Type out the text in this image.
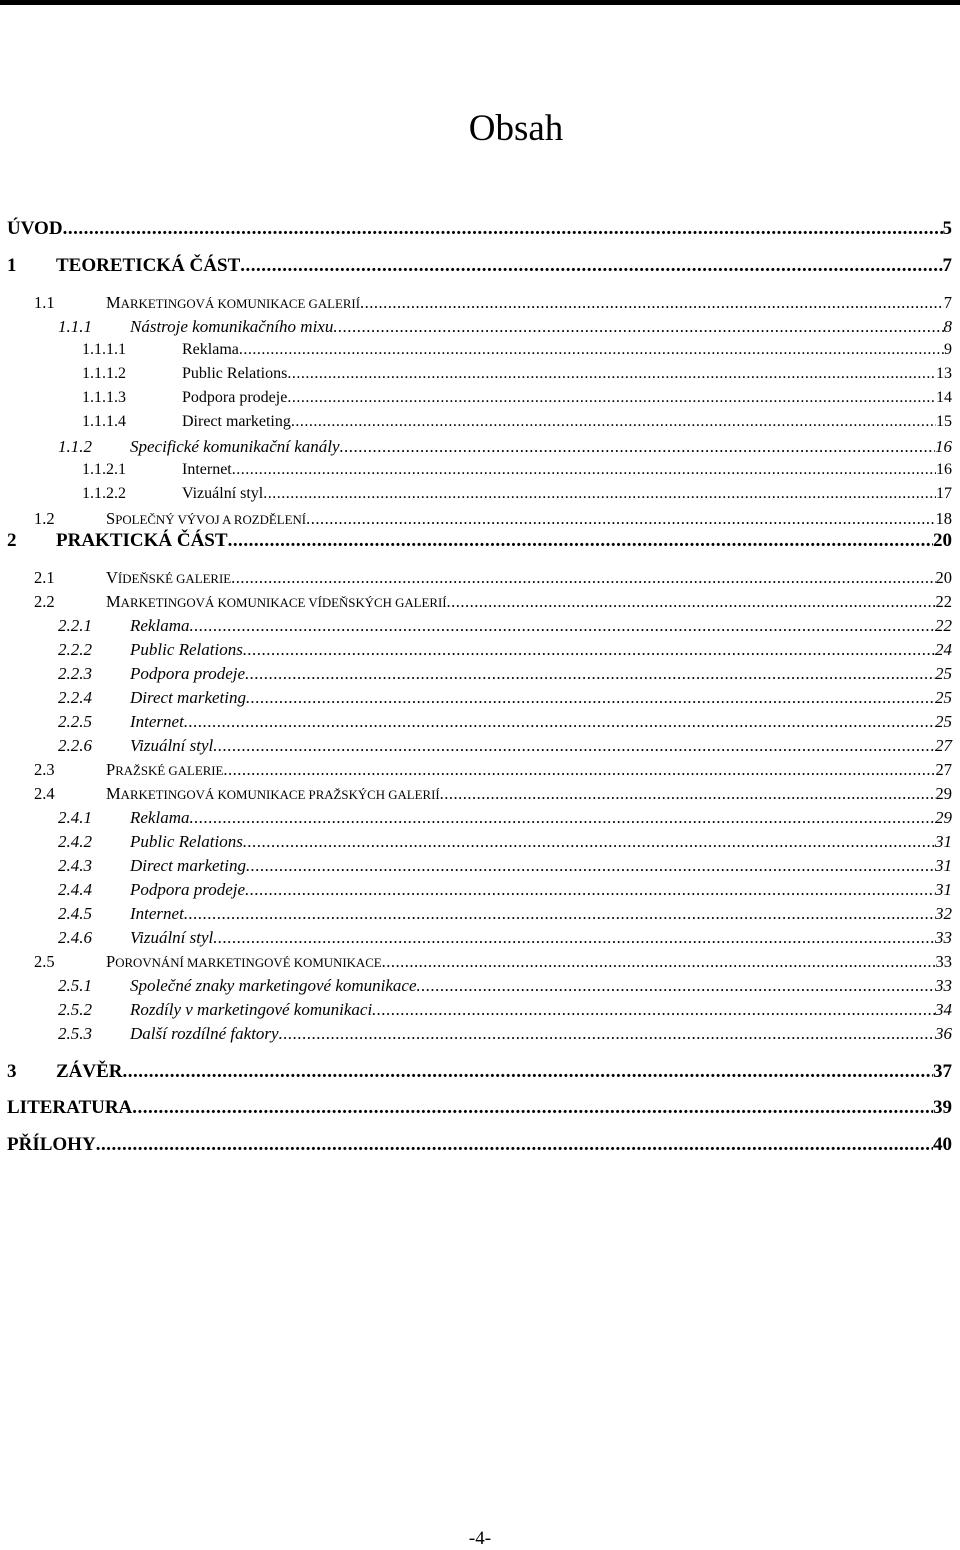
Obsah
ÚVOD .....	5
1	TEORETICKÁ ČÁST .....	7
1.1	MARKETINGOVÁ KOMUNIKACE GALERIÍ .....	7
1.1.1	Nástroje komunikačního mixu .....	8
1.1.1.1	Reklama .....	9
1.1.1.2	Public Relations .....	13
1.1.1.3	Podpora prodeje .....	14
1.1.1.4	Direct marketing .....	15
1.1.2	Specifické komunikační kanály .....	16
1.1.2.1	Internet .....	16
1.1.2.2	Vizuální styl .....	17
1.2	SPOLEČNÝ VÝVOJ A ROZDĚLENÍ .....	18
2	PRAKTICKÁ ČÁST .....	20
2.1	VÍDEŇSKÉ GALERIE .....	20
2.2	MARKETINGOVÁ KOMUNIKACE VÍDEŇSKÝCH GALERIÍ .....	22
2.2.1	Reklama .....	22
2.2.2	Public Relations .....	24
2.2.3	Podpora prodeje .....	25
2.2.4	Direct marketing .....	25
2.2.5	Internet .....	25
2.2.6	Vizuální styl .....	27
2.3	PRAŽSKÉ GALERIE .....	27
2.4	MARKETINGOVÁ KOMUNIKACE PRAŽSKÝCH GALERIÍ .....	29
2.4.1	Reklama .....	29
2.4.2	Public Relations .....	31
2.4.3	Direct marketing .....	31
2.4.4	Podpora prodeje .....	31
2.4.5	Internet .....	32
2.4.6	Vizuální styl .....	33
2.5	POROVNÁNÍ MARKETINGOVÉ KOMUNIKACE .....	33
2.5.1	Společné znaky marketingové komunikace .....	33
2.5.2	Rozdíly v marketingové komunikaci .....	34
2.5.3	Další rozdílné faktory .....	36
3	ZÁVĚR .....	37
LITERATURA .....	39
PŘÍLOHY .....	40
-4-
